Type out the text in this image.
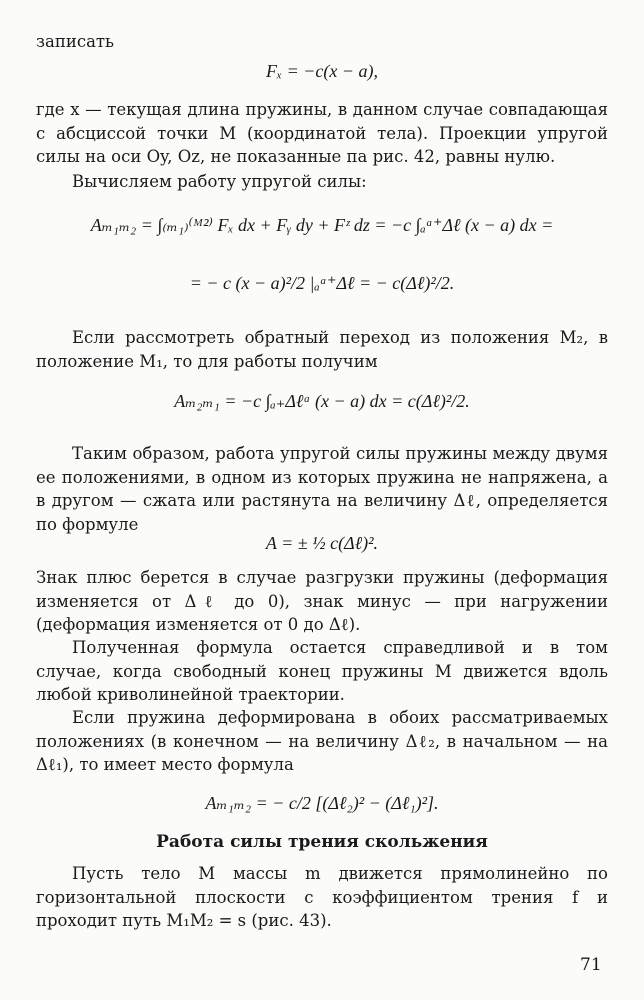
записать

Fₓ = −c(x − a),

где x — текущая длина пружины, в данном случае совпадающая с абсциссой точки M (координатой тела). Проекции упругой силы на оси Oy, Oz, не показанные па рис. 42, равны нулю.

Вычисляем работу упругой силы:

Aₘ₁ₘ₂ = ∫₍ₘ₁₎⁽ᴹ²⁾ Fₓ dx + Fᵧ dy + Fᶻ dz = −c ∫ₐᵃ⁺Δℓ (x − a) dx =
= − c (x − a)²/2 |ₐᵃ⁺Δℓ = − c(Δℓ)²/2.

Если рассмотреть обратный переход из положения M₂, в положение M₁, то для работы получим

Aₘ₂ₘ₁ = −c ∫ₐ₊Δℓᵃ (x − a) dx = c(Δℓ)²/2.

Таким образом, работа упругой силы пружины между двумя ее положениями, в одном из которых пружина не напряжена, а в другом — сжата или растянута на величину Δℓ, определяется по формуле

A = ± ½ c(Δℓ)².

Знак плюс берется в случае разгрузки пружины (деформация изменяется от Δℓ до 0), знак минус — при нагружении (деформация изменяется от 0 до Δℓ).

Полученная формула остается справедливой и в том случае, когда свободный конец пружины M движется вдоль любой криволинейной траектории.

Если пружина деформирована в обоих рассматриваемых положениях (в конечном — на величину Δℓ₂, в начальном — на Δℓ₁), то имеет место формула

Aₘ₁ₘ₂ = − c/2 [(Δℓ₂)² − (Δℓ₁)²].
Работа силы трения скольжения

Пусть тело M массы m движется прямолинейно по горизонтальной плоскости с коэффициентом трения f и проходит путь M₁M₂ = s (рис. 43).

71
